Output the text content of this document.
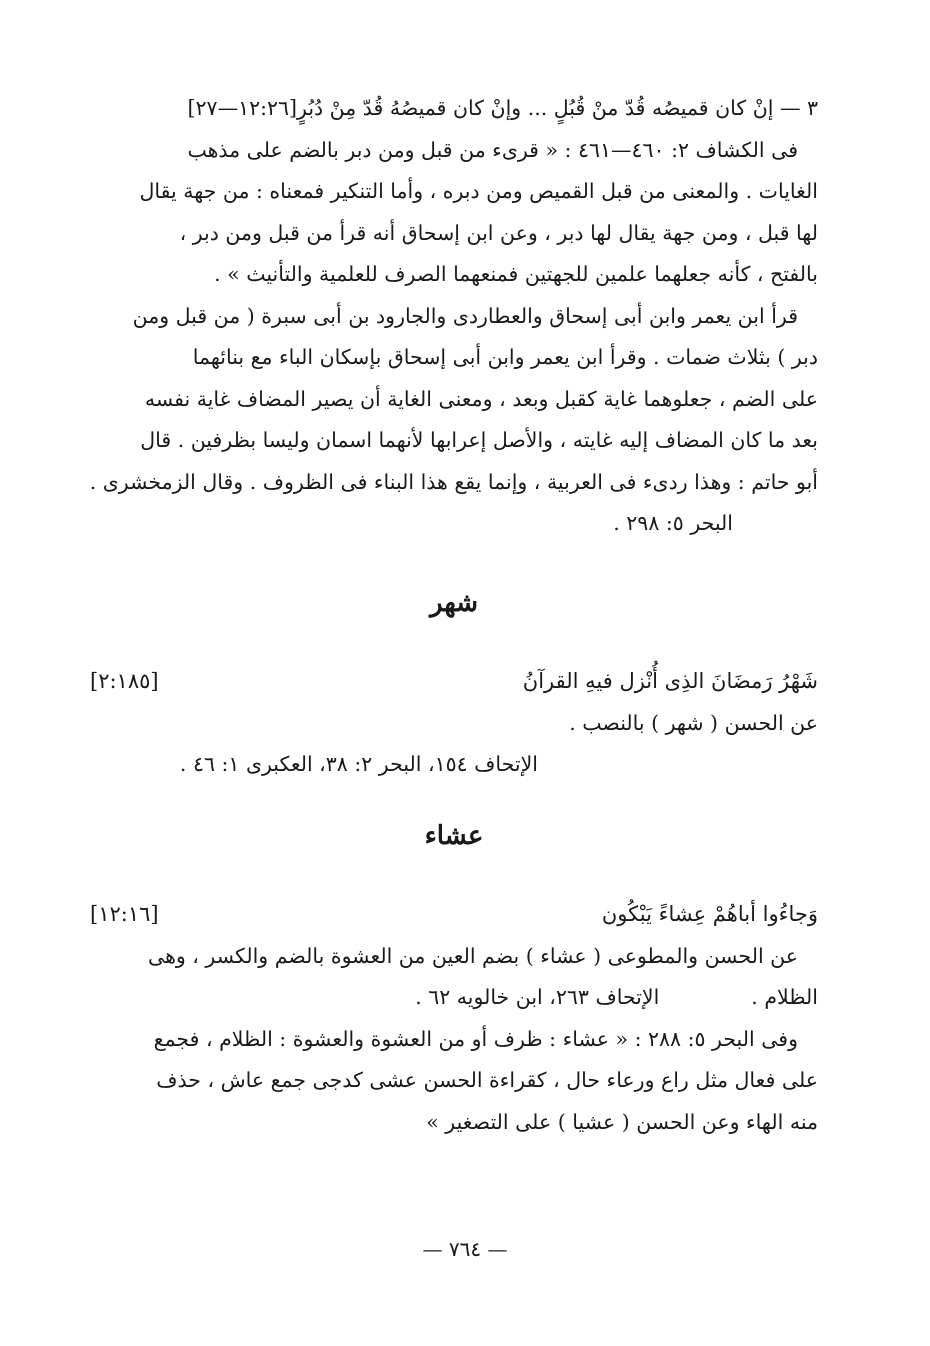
٣ — إنْ كان قميصُه قُدّ منْ قُبُلٍ ... وإنْ كان قميصُهُ قُدّ مِنْ دُبُرٍ[١٢:٢٦—٢٧]

فى الكشاف ٢: ٤٦٠—٤٦١ : « قرىء من قبل ومن دبر بالضم على مذهب

الغايات . والمعنى من قبل القميص ومن دبره ، وأما التنكير فمعناه : من جهة يقال
لها قبل ، ومن جهة يقال لها دبر ، وعن ابن إسحاق أنه قرأ من قبل ومن دبر ،
بالفتح ، كأنه جعلهما علمين للجهتين فمنعهما الصرف للعلمية والتأنيث » .

قرأ ابن يعمر وابن أبى إسحاق والعطاردى والجارود بن أبى سبرة ( من قبل ومن

دبر ) بثلاث ضمات . وقرأ ابن يعمر وابن أبى إسحاق بإسكان الباء مع بنائهما
على الضم ، جعلوهما غاية كقبل وبعد ، ومعنى الغاية أن يصير المضاف غاية نفسه
بعد ما كان المضاف إليه غايته ، والأصل إعرابها لأنهما اسمان وليسا بظرفين . قال
أبو حاتم : وهذا ردىء فى العربية ، وإنما يقع هذا البناء فى الظروف . وقال الزمخشرى .

البحر ٥: ٢٩٨ .

شهر
شَهْرُ رَمضَانَ الذِى أُنْزل فيهِ القرآنُ
[٢:١٨٥]

عن الحسن ( شهر ) بالنصب .

الإتحاف ١٥٤، البحر ٢: ٣٨، العكبرى ١: ٤٦ .

عشاء
وَجاءُوا أباهُمْ عِشاءً يَبْكُون
[١٢:١٦]

عن الحسن والمطوعى ( عشاء ) بضم العين من العشوة بالضم والكسر ، وهى

الظلام .
الإتحاف ٢٦٣، ابن خالويه ٦٢ .

وفى البحر ٥: ٢٨٨ : « عشاء : ظرف أو من العشوة والعشوة : الظلام ، فجمع

على فعال مثل راع ورعاء حال ، كقراءة الحسن عشى كدجى جمع عاش ، حذف
منه الهاء وعن الحسن ( عشيا ) على التصغير »

— ٧٦٤ —
